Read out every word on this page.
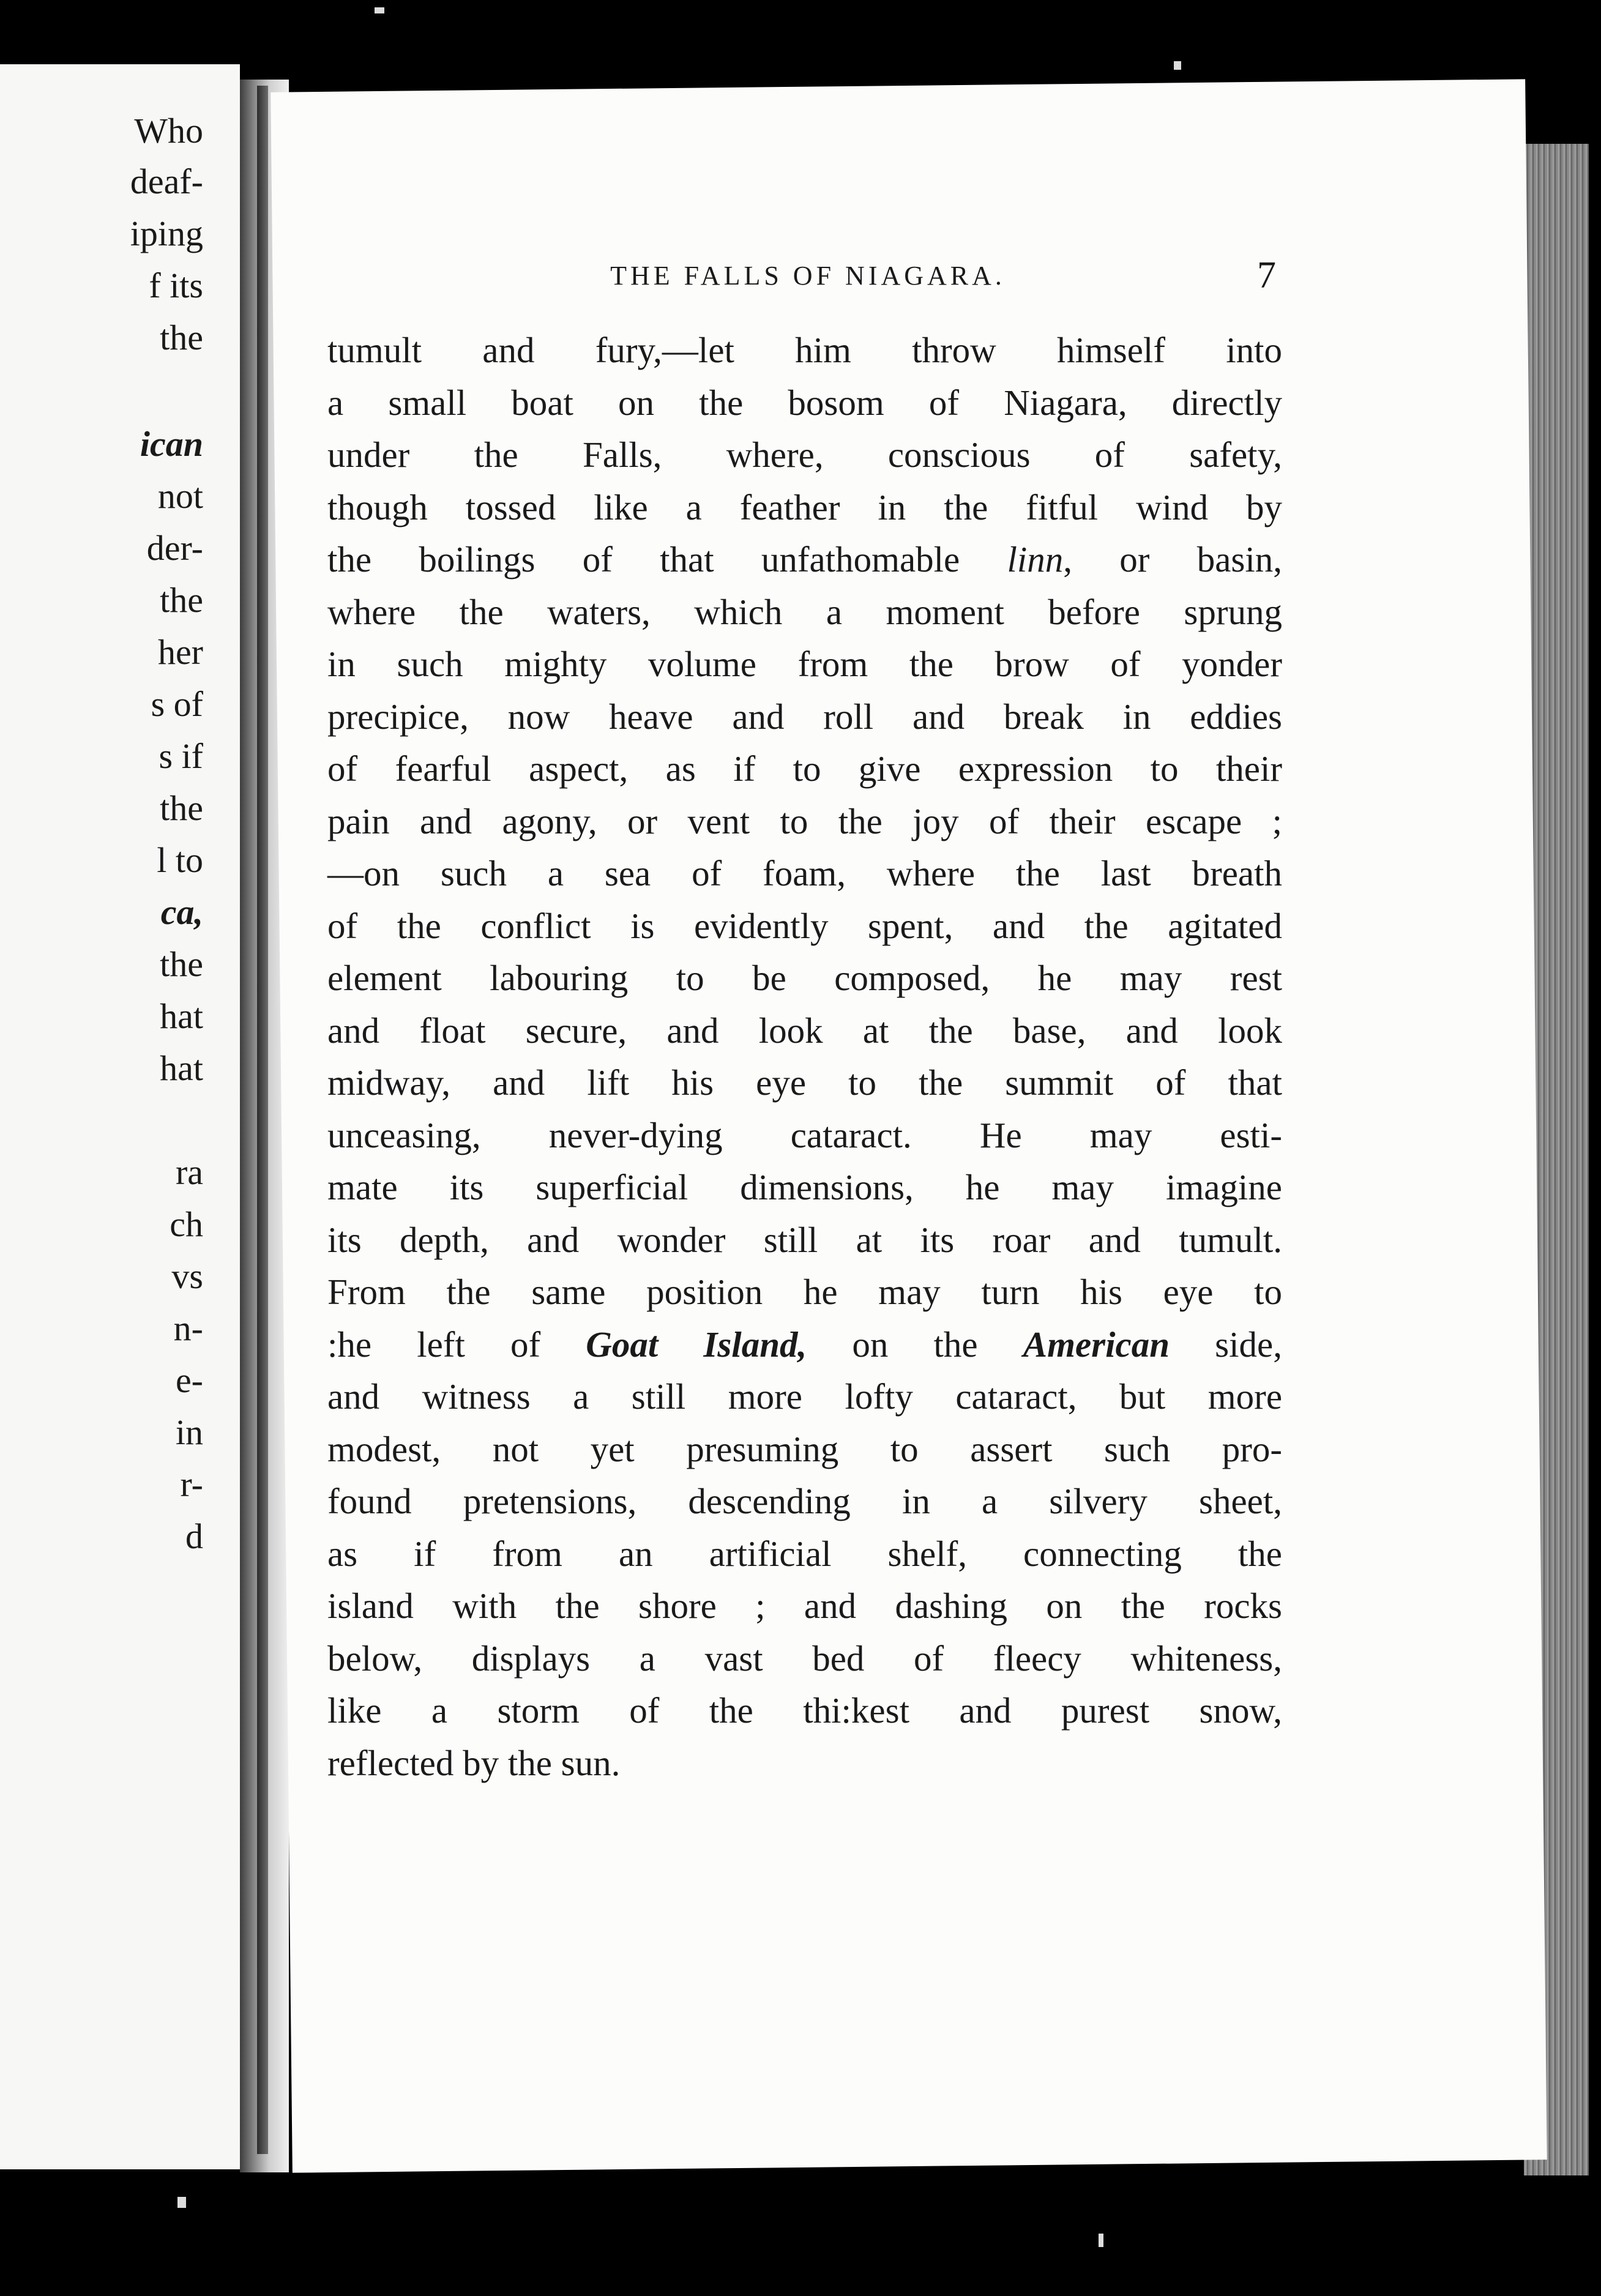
Who
deaf-
iping
f its
the
ican
not
der-
the
her
s of
s if
the
l to
ca,
the
hat
hat
ra
ch
vs
n-
e-
in
r-
d
THE FALLS OF NIAGARA.	7
tumult and fury,—let him throw himself into
a small boat on the bosom of Niagara, directly
under the Falls, where, conscious of safety,
though tossed like a feather in the fitful wind by
the boilings of that unfathomable linn, or basin,
where the waters, which a moment before sprung
in such mighty volume from the brow of yonder
precipice, now heave and roll and break in eddies
of fearful aspect, as if to give expression to their
pain and agony, or vent to the joy of their escape ;
—on such a sea of foam, where the last breath
of the conflict is evidently spent, and the agitated
element labouring to be composed, he may rest
and float secure, and look at the base, and look
midway, and lift his eye to the summit of that
unceasing, never-dying cataract. He may esti-
mate its superficial dimensions, he may imagine
its depth, and wonder still at its roar and tumult.
From the same position he may turn his eye to
:he left of Goat Island, on the American side,
and witness a still more lofty cataract, but more
modest, not yet presuming to assert such pro-
found pretensions, descending in a silvery sheet,
as if from an artificial shelf, connecting the
island with the shore ; and dashing on the rocks
below, displays a vast bed of fleecy whiteness,
like a storm of the thi:kest and purest snow,
reflected by the sun.
